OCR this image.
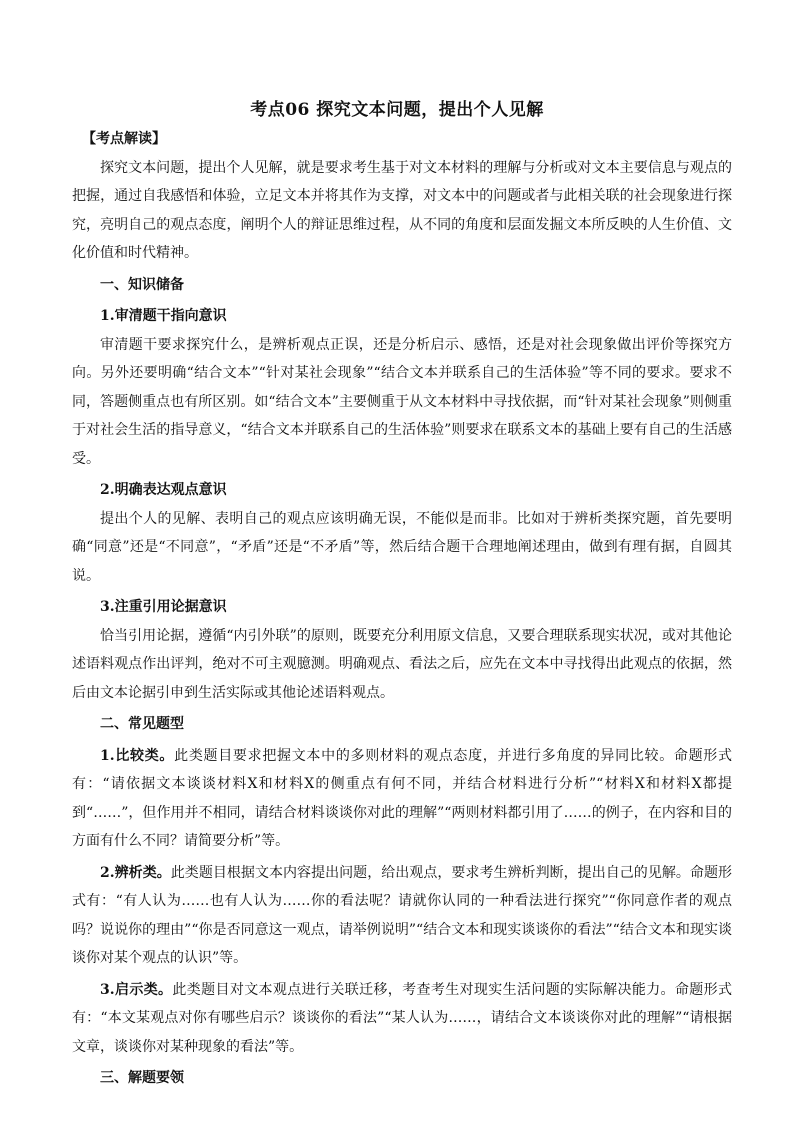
考点06 探究文本问题，提出个人见解

【考点解读】

探究文本问题，提出个人见解，就是要求考生基于对文本材料的理解与分析或对文本主要信息与观点的把握，通过自我感悟和体验，立足文本并将其作为支撑，对文本中的问题或者与此相关联的社会现象进行探究，亮明自己的观点态度，阐明个人的辩证思维过程，从不同的角度和层面发掘文本所反映的人生价值、文化价值和时代精神。

一、知识储备

1.审清题干指向意识

审清题干要求探究什么，是辨析观点正误，还是分析启示、感悟，还是对社会现象做出评价等探究方向。另外还要明确“结合文本”“针对某社会现象”“结合文本并联系自己的生活体验”等不同的要求。要求不同，答题侧重点也有所区别。如“结合文本”主要侧重于从文本材料中寻找依据，而“针对某社会现象”则侧重于对社会生活的指导意义，“结合文本并联系自己的生活体验”则要求在联系文本的基础上要有自己的生活感受。

2.明确表达观点意识

提出个人的见解、表明自己的观点应该明确无误，不能似是而非。比如对于辨析类探究题，首先要明确“同意”还是“不同意”，“矛盾”还是“不矛盾”等，然后结合题干合理地阐述理由，做到有理有据，自圆其说。

3.注重引用论据意识

恰当引用论据，遵循“内引外联”的原则，既要充分利用原文信息，又要合理联系现实状况，或对其他论述语料观点作出评判，绝对不可主观臆测。明确观点、看法之后，应先在文本中寻找得出此观点的依据，然后由文本论据引申到生活实际或其他论述语料观点。

二、常见题型

1.比较类。此类题目要求把握文本中的多则材料的观点态度，并进行多角度的异同比较。命题形式有：“请依据文本谈谈材料X和材料X的侧重点有何不同，并结合材料进行分析”“材料X和材料X都提到“……”，但作用并不相同，请结合材料谈谈你对此的理解”“两则材料都引用了……的例子，在内容和目的方面有什么不同？请简要分析”等。

2.辨析类。此类题目根据文本内容提出问题，给出观点，要求考生辨析判断，提出自己的见解。命题形式有：“有人认为……也有人认为……你的看法呢？请就你认同的一种看法进行探究”“你同意作者的观点吗？说说你的理由”“你是否同意这一观点，请举例说明”“结合文本和现实谈谈你的看法”“结合文本和现实谈谈你对某个观点的认识”等。

3.启示类。此类题目对文本观点进行关联迁移，考查考生对现实生活问题的实际解决能力。命题形式有：“本文某观点对你有哪些启示？谈谈你的看法”“某人认为……，请结合文本谈谈你对此的理解”“请根据文章，谈谈你对某种现象的看法”等。

三、解题要领
